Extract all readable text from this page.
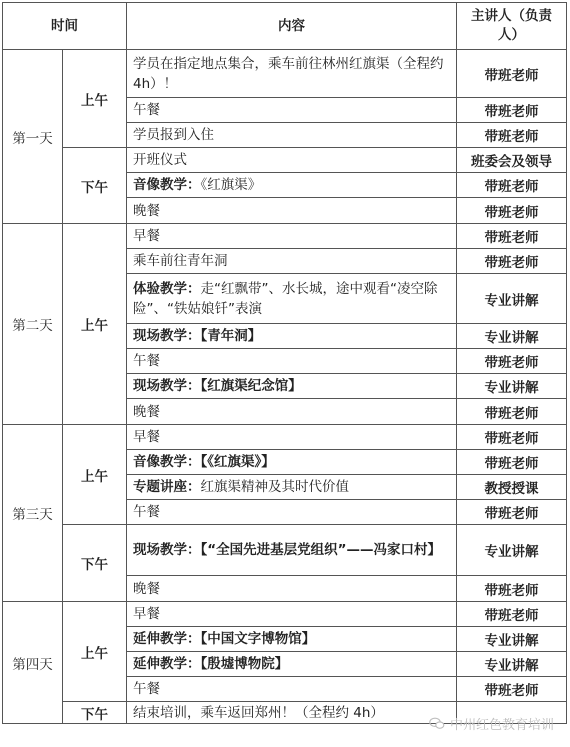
时间		内容	主讲人（负责人）
第一天	上午	学员在指定地点集合，乘车前往林州红旗渠（全程约 4h）！	带班老师
		午餐	带班老师
		学员报到入住	带班老师
	下午	开班仪式	班委会及领导
		音像教学：《红旗渠》	带班老师
		晚餐	带班老师
第二天	上午	早餐	带班老师
		乘车前往青年洞	带班老师
		体验教学：走“红飘带”、水长城，途中观看“凌空除险”、“铁姑娘钎”表演	专业讲解
		现场教学：【青年洞】	专业讲解
		午餐	带班老师
		现场教学：【红旗渠纪念馆】	专业讲解
		晚餐	带班老师
第三天	上午	早餐	带班老师
		音像教学：【《红旗渠》】	带班老师
		专题讲座：红旗渠精神及其时代价值	教授授课
		午餐	带班老师
	下午	现场教学：【“全国先进基层党组织”——冯家口村】	专业讲解
		晚餐	带班老师
第四天	上午	早餐	带班老师
		延伸教学：【中国文字博物馆】	专业讲解
		延伸教学：【殷墟博物院】	专业讲解
		午餐	带班老师
	下午	结束培训，乘车返回郑州！（全程约 4h）	
中州红色教育培训
